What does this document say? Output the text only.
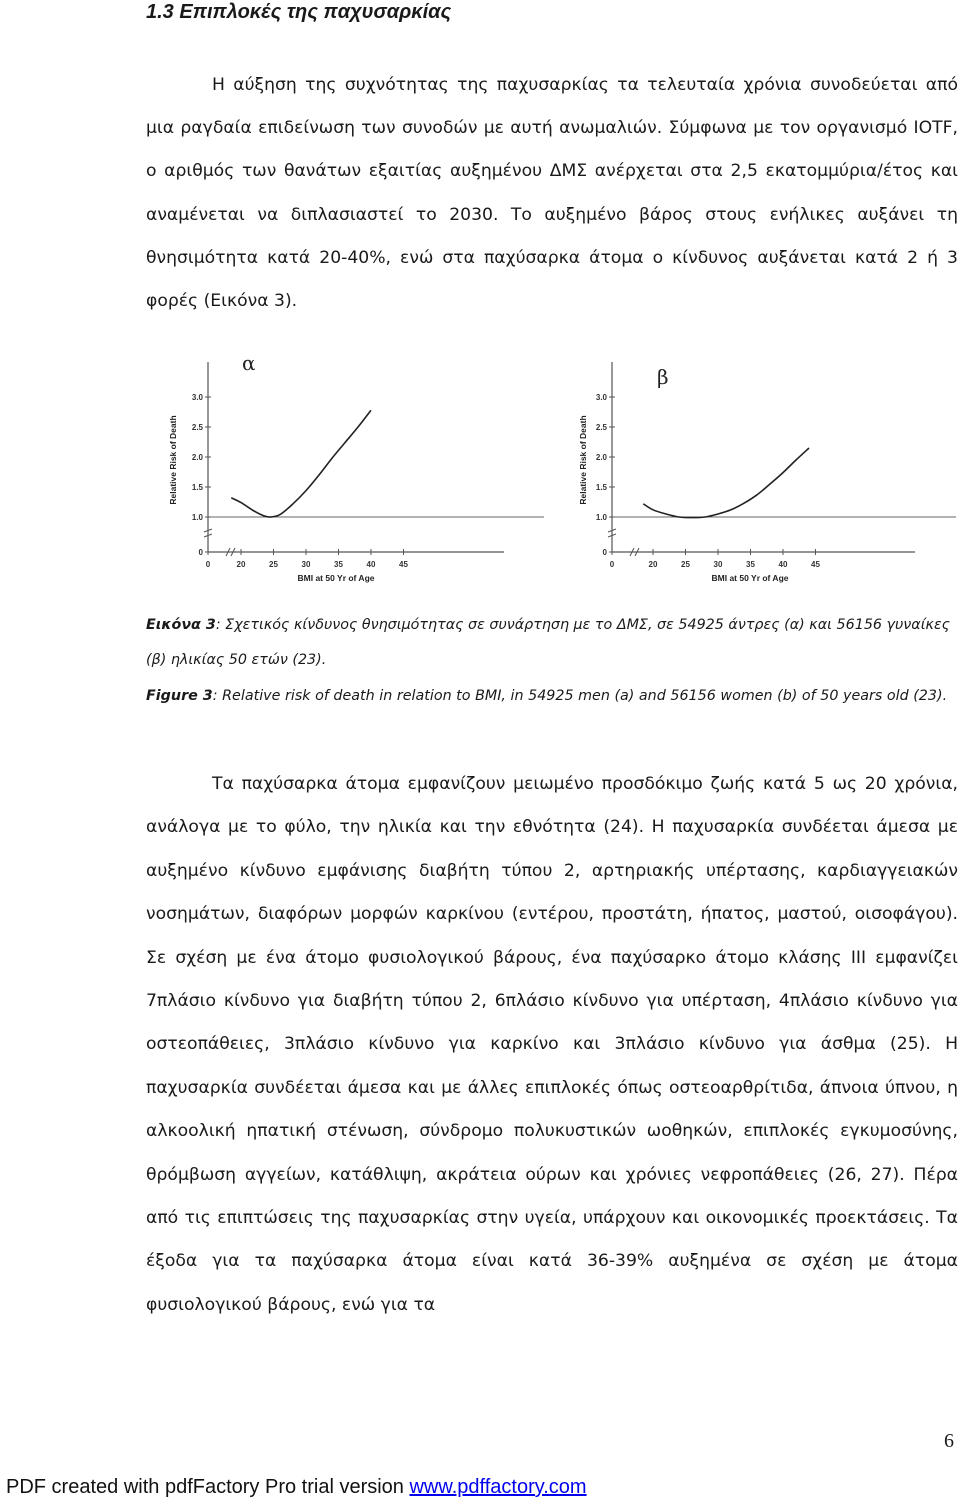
1.3 Επιπλοκές της παχυσαρκίας

Η αύξηση της συχνότητας της παχυσαρκίας τα τελευταία χρόνια συνοδεύεται από μια ραγδαία επιδείνωση των συνοδών με αυτή ανωμαλιών. Σύμφωνα με τον οργανισμό IOTF, ο αριθμός των θανάτων εξαιτίας αυξημένου ΔΜΣ ανέρχεται στα 2,5 εκατομμύρια/έτος και αναμένεται να διπλασιαστεί το 2030. Το αυξημένο βάρος στους ενήλικες αυξάνει τη θνησιμότητα κατά 20-40%, ενώ στα παχύσαρκα άτομα ο κίνδυνος αυξάνεται κατά 2 ή 3 φορές (Εικόνα 3).

0
1.0
1.5
2.0
2.5
3.0
0	20	25	30	35	40	45
BMI at 50 Yr of Age
Relative Risk of Death
α
0
1.0
1.5
2.0
2.5
3.0
0	20	25	30	35	40	45
BMI at 50 Yr of Age
Relative Risk of Death
β

Εικόνα 3: Σχετικός κίνδυνος θνησιμότητας σε συνάρτηση με το ΔΜΣ, σε 54925 άντρες (α) και 56156 γυναίκες (β) ηλικίας 50 ετών (23).

Figure 3: Relative risk of death in relation to BMI, in 54925 men (a) and 56156 women (b) of 50 years old (23).

Τα παχύσαρκα άτομα εμφανίζουν μειωμένο προσδόκιμο ζωής κατά 5 ως 20 χρόνια, ανάλογα με το φύλο, την ηλικία και την εθνότητα (24). Η παχυσαρκία συνδέεται άμεσα με αυξημένο κίνδυνο εμφάνισης διαβήτη τύπου 2, αρτηριακής υπέρτασης, καρδιαγγειακών νοσημάτων, διαφόρων μορφών καρκίνου (εντέρου, προστάτη, ήπατος, μαστού, οισοφάγου). Σε σχέση με ένα άτομο φυσιολογικού βάρους, ένα παχύσαρκο άτομο κλάσης ΙΙΙ εμφανίζει 7πλάσιο κίνδυνο για διαβήτη τύπου 2, 6πλάσιο κίνδυνο για υπέρταση, 4πλάσιο κίνδυνο για οστεοπάθειες, 3πλάσιο κίνδυνο για καρκίνο και 3πλάσιο κίνδυνο για άσθμα (25). Η παχυσαρκία συνδέεται άμεσα και με άλλες επιπλοκές όπως οστεοαρθρίτιδα, άπνοια ύπνου, η αλκοολική ηπατική στένωση, σύνδρομο πολυκυστικών ωοθηκών, επιπλοκές εγκυμοσύνης, θρόμβωση αγγείων, κατάθλιψη, ακράτεια ούρων και χρόνιες νεφροπάθειες (26, 27). Πέρα από τις επιπτώσεις της παχυσαρκίας στην υγεία, υπάρχουν και οικονομικές προεκτάσεις. Τα έξοδα για τα παχύσαρκα άτομα είναι κατά 36-39% αυξημένα σε σχέση με άτομα φυσιολογικού βάρους, ενώ για τα

6

PDF created with pdfFactory Pro trial version www.pdffactory.com
